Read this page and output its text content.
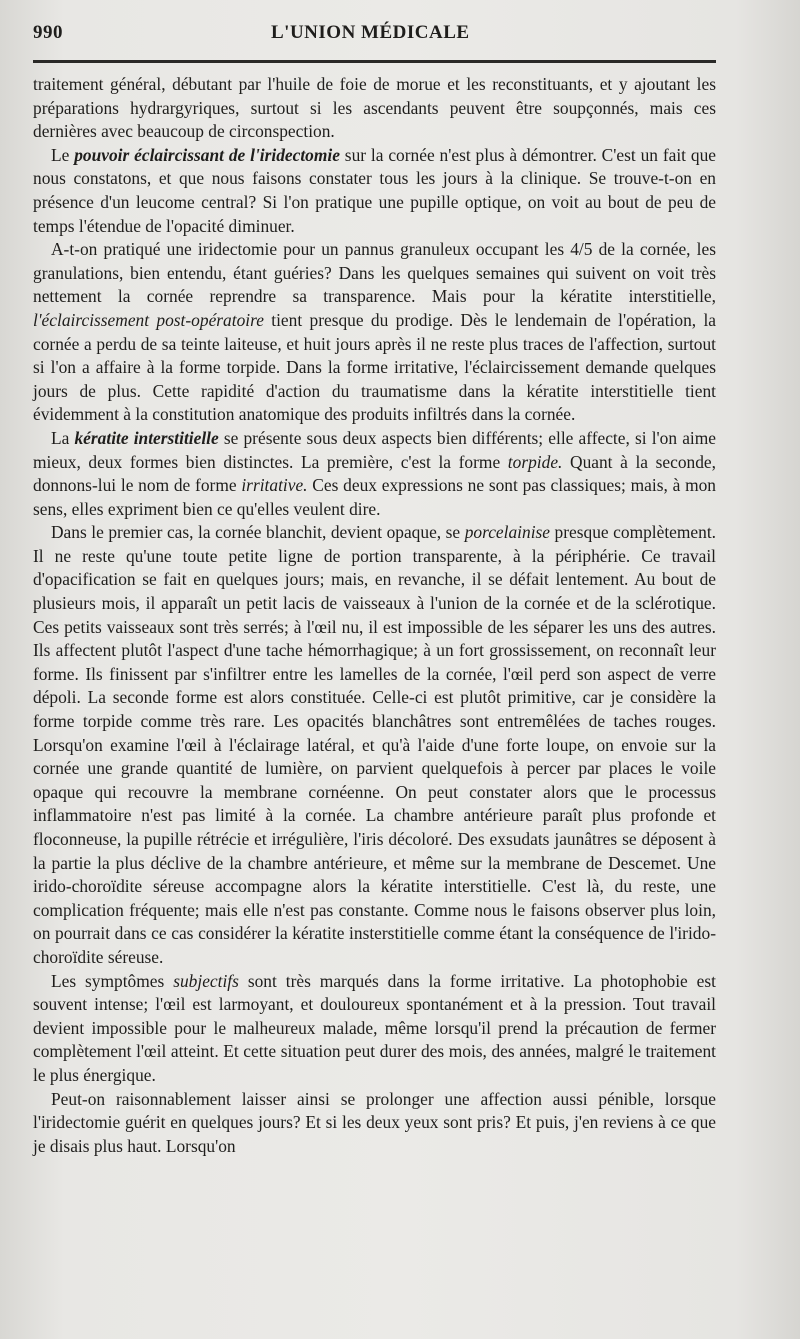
990	L'UNION MÉDICALE

traitement général, débutant par l'huile de foie de morue et les reconstituants, et y ajoutant les préparations hydrargyriques, surtout si les ascendants peuvent être soupçonnés, mais ces dernières avec beaucoup de circonspection.

Le pouvoir éclaircissant de l'iridectomie sur la cornée n'est plus à démontrer. C'est un fait que nous constatons, et que nous faisons constater tous les jours à la clinique. Se trouve-t-on en présence d'un leucome central? Si l'on pratique une pupille optique, on voit au bout de peu de temps l'étendue de l'opacité diminuer.

A-t-on pratiqué une iridectomie pour un pannus granuleux occupant les 4/5 de la cornée, les granulations, bien entendu, étant guéries? Dans les quelques semaines qui suivent on voit très nettement la cornée reprendre sa transparence. Mais pour la kératite interstitielle, l'éclaircissement post-opératoire tient presque du prodige. Dès le lendemain de l'opération, la cornée a perdu de sa teinte laiteuse, et huit jours après il ne reste plus traces de l'affection, surtout si l'on a affaire à la forme torpide. Dans la forme irritative, l'éclaircissement demande quelques jours de plus. Cette rapidité d'action du traumatisme dans la kératite interstitielle tient évidemment à la constitution anatomique des produits infiltrés dans la cornée.

La kératite interstitielle se présente sous deux aspects bien différents; elle affecte, si l'on aime mieux, deux formes bien distinctes. La première, c'est la forme torpide. Quant à la seconde, donnons-lui le nom de forme irritative. Ces deux expressions ne sont pas classiques; mais, à mon sens, elles expriment bien ce qu'elles veulent dire.

Dans le premier cas, la cornée blanchit, devient opaque, se porcelainise presque complètement. Il ne reste qu'une toute petite ligne de portion transparente, à la périphérie. Ce travail d'opacification se fait en quelques jours; mais, en revanche, il se défait lentement. Au bout de plusieurs mois, il apparaît un petit lacis de vaisseaux à l'union de la cornée et de la sclérotique. Ces petits vaisseaux sont très serrés; à l'œil nu, il est impossible de les séparer les uns des autres. Ils affectent plutôt l'aspect d'une tache hémorrhagique; à un fort grossissement, on reconnaît leur forme. Ils finissent par s'infiltrer entre les lamelles de la cornée, l'œil perd son aspect de verre dépoli. La seconde forme est alors constituée. Celle-ci est plutôt primitive, car je considère la forme torpide comme très rare. Les opacités blanchâtres sont entremêlées de taches rouges. Lorsqu'on examine l'œil à l'éclairage latéral, et qu'à l'aide d'une forte loupe, on envoie sur la cornée une grande quantité de lumière, on parvient quelquefois à percer par places le voile opaque qui recouvre la membrane cornéenne. On peut constater alors que le processus inflammatoire n'est pas limité à la cornée. La chambre antérieure paraît plus profonde et floconneuse, la pupille rétrécie et irrégulière, l'iris décoloré. Des exsudats jaunâtres se déposent à la partie la plus déclive de la chambre antérieure, et même sur la membrane de Descemet. Une irido-choroïdite séreuse accompagne alors la kératite interstitielle. C'est là, du reste, une complication fréquente; mais elle n'est pas constante. Comme nous le faisons observer plus loin, on pourrait dans ce cas considérer la kératite insterstitielle comme étant la conséquence de l'irido-choroïdite séreuse.

Les symptômes subjectifs sont très marqués dans la forme irritative. La photophobie est souvent intense; l'œil est larmoyant, et douloureux spontanément et à la pression. Tout travail devient impossible pour le malheureux malade, même lorsqu'il prend la précaution de fermer complètement l'œil atteint. Et cette situation peut durer des mois, des années, malgré le traitement le plus énergique.

Peut-on raisonnablement laisser ainsi se prolonger une affection aussi pénible, lorsque l'iridectomie guérit en quelques jours? Et si les deux yeux sont pris? Et puis, j'en reviens à ce que je disais plus haut. Lorsqu'on
